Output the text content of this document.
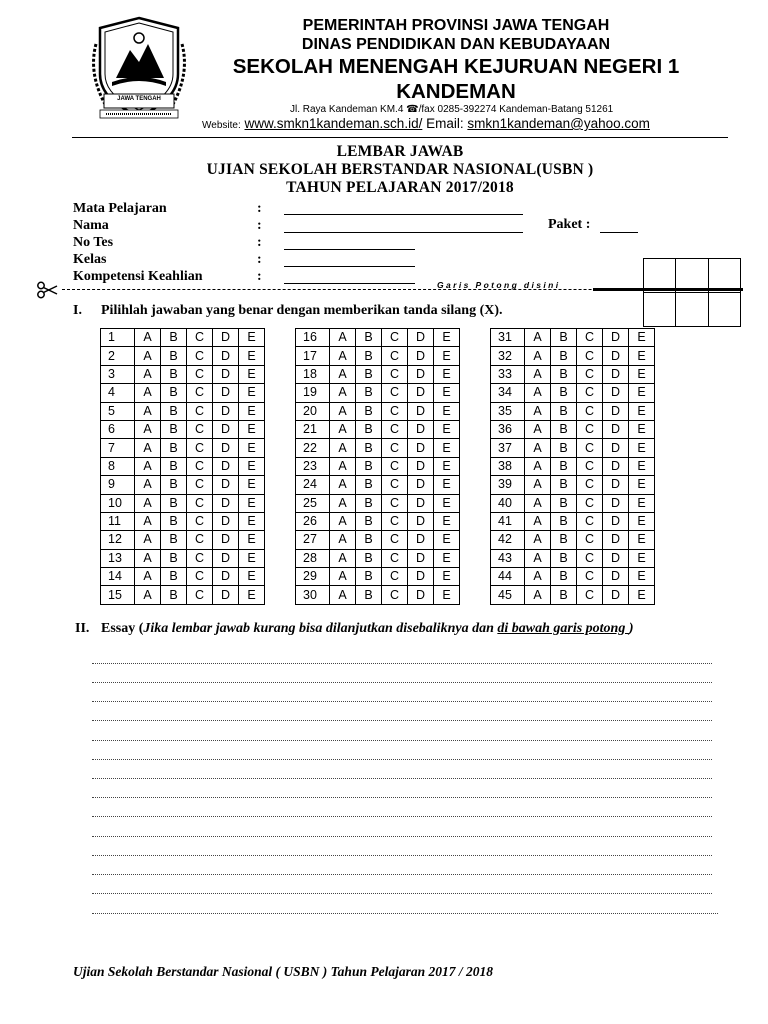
JAWA TENGAH
PEMERINTAH PROVINSI JAWA TENGAH
DINAS PENDIDIKAN DAN KEBUDAYAAN
SEKOLAH MENENGAH KEJURUAN NEGERI 1
KANDEMAN
Jl. Raya Kandeman KM.4 ☎/fax 0285-392274 Kandeman-Batang 51261
Website: www.smkn1kandeman.sch.id/ Email: smkn1kandeman@yahoo.com
LEMBAR JAWAB
UJIAN SEKOLAH BERSTANDAR NASIONAL(USBN )
TAHUN PELAJARAN 2017/2018
Mata Pelajaran	:
Nama	:	Paket :
No Tes	:
Kelas	:
Kompetensi Keahlian	:
Garis Potong disini

I. Pilihlah jawaban yang benar dengan memberikan tanda silang (X).
1	A	B	C	D	E
2	A	B	C	D	E
3	A	B	C	D	E
4	A	B	C	D	E
5	A	B	C	D	E
6	A	B	C	D	E
7	A	B	C	D	E
8	A	B	C	D	E
9	A	B	C	D	E
10	A	B	C	D	E
11	A	B	C	D	E
12	A	B	C	D	E
13	A	B	C	D	E
14	A	B	C	D	E
15	A	B	C	D	E
16	A	B	C	D	E
17	A	B	C	D	E
18	A	B	C	D	E
19	A	B	C	D	E
20	A	B	C	D	E
21	A	B	C	D	E
22	A	B	C	D	E
23	A	B	C	D	E
24	A	B	C	D	E
25	A	B	C	D	E
26	A	B	C	D	E
27	A	B	C	D	E
28	A	B	C	D	E
29	A	B	C	D	E
30	A	B	C	D	E
31	A	B	C	D	E
32	A	B	C	D	E
33	A	B	C	D	E
34	A	B	C	D	E
35	A	B	C	D	E
36	A	B	C	D	E
37	A	B	C	D	E
38	A	B	C	D	E
39	A	B	C	D	E
40	A	B	C	D	E
41	A	B	C	D	E
42	A	B	C	D	E
43	A	B	C	D	E
44	A	B	C	D	E
45	A	B	C	D	E
II. Essay (Jika lembar jawab kurang bisa dilanjutkan disebaliknya dan di bawah garis potong )
Ujian Sekolah Berstandar Nasional ( USBN ) Tahun Pelajaran 2017 / 2018
